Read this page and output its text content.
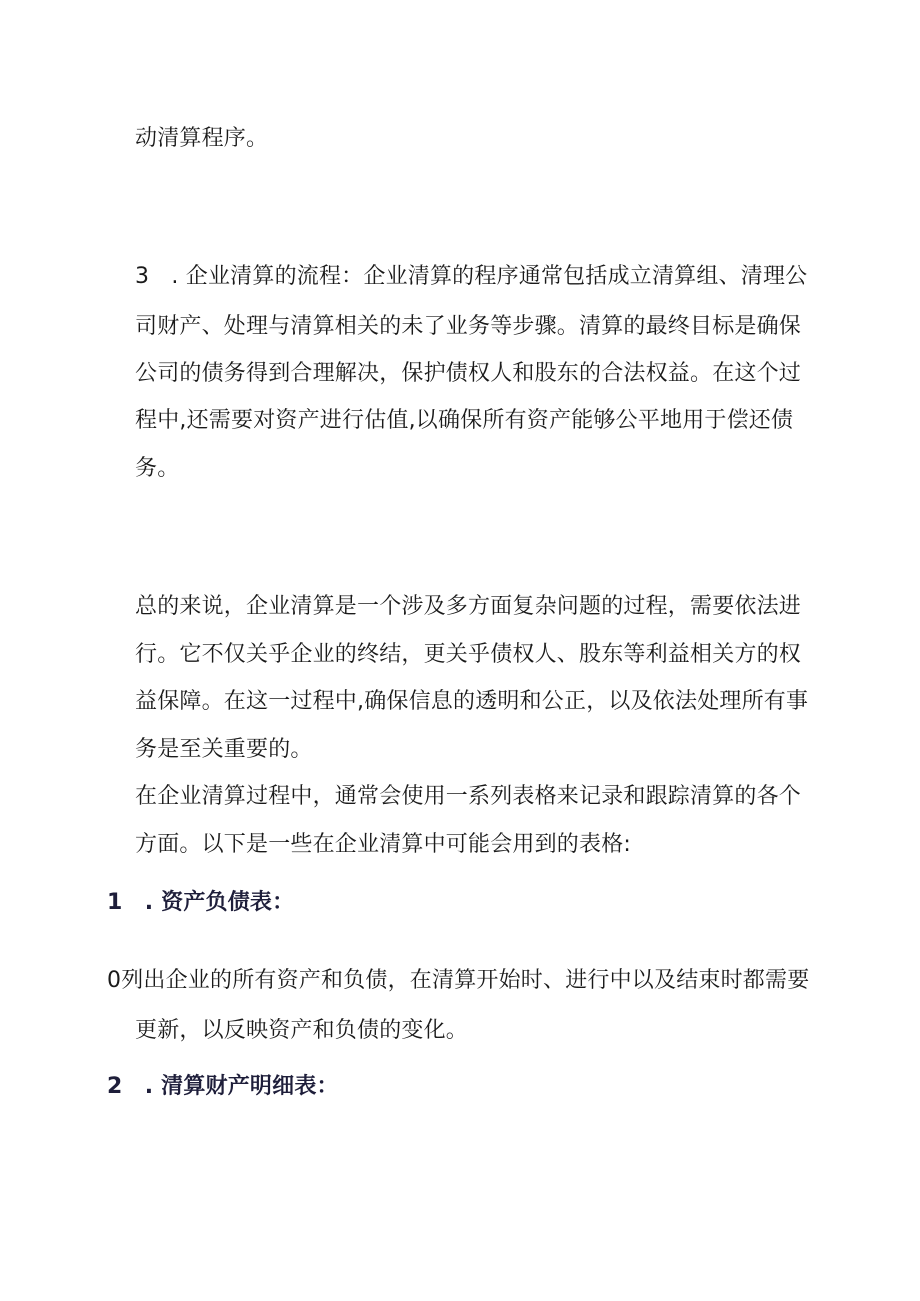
动清算程序。
3　. 企业清算的流程：企业清算的程序通常包括成立清算组、清理公
司财产、处理与清算相关的未了业务等步骤。清算的最终目标是确保
公司的债务得到合理解决，保护债权人和股东的合法权益。在这个过
程中,还需要对资产进行估值,以确保所有资产能够公平地用于偿还债
务。
总的来说，企业清算是一个涉及多方面复杂问题的过程，需要依法进
行。它不仅关乎企业的终结，更关乎债权人、股东等利益相关方的权
益保障。在这一过程中,确保信息的透明和公正，以及依法处理所有事
务是至关重要的。
在企业清算过程中，通常会使用一系列表格来记录和跟踪清算的各个
方面。以下是一些在企业清算中可能会用到的表格:
1　. 资产负债表：
0列出企业的所有资产和负债，在清算开始时、进行中以及结束时都需要
更新，以反映资产和负债的变化。
2　. 清算财产明细表：
